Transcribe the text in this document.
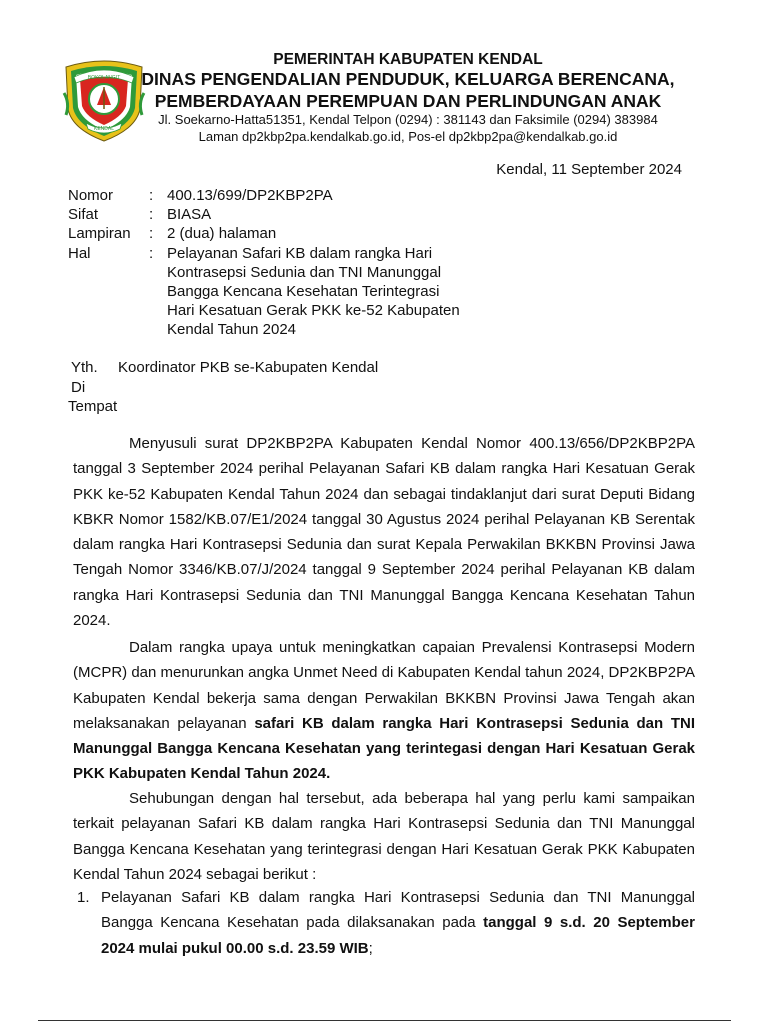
BOKOLANGIT
KENDAL
PEMERINTAH KABUPATEN KENDAL
DINAS PENGENDALIAN PENDUDUK, KELUARGA BERENCANA,
PEMBERDAYAAN PEREMPUAN DAN PERLINDUNGAN ANAK
Jl. Soekarno-Hatta51351, Kendal Telpon (0294) : 381143 dan Faksimile (0294) 383984
Laman dp2kbp2pa.kendalkab.go.id, Pos-el dp2kbp2pa@kendalkab.go.id
Kendal, 11 September 2024
Nomor	: 400.13/699/DP2KBP2PA
Sifat	: BIASA
Lampiran	: 2 (dua) halaman
Hal	: Pelayanan Safari KB dalam rangka Hari
Kontrasepsi Sedunia dan TNI Manunggal
Bangga Kencana Kesehatan Terintegrasi
Hari Kesatuan Gerak PKK ke-52 Kabupaten
Kendal Tahun 2024
Yth.	Koordinator PKB se-Kabupaten Kendal
Di
Tempat

Menyusuli surat DP2KBP2PA Kabupaten Kendal Nomor 400.13/656/DP2KBP2PA tanggal 3 September 2024 perihal Pelayanan Safari KB dalam rangka Hari Kesatuan Gerak PKK ke-52 Kabupaten Kendal Tahun 2024 dan sebagai tindaklanjut dari surat Deputi Bidang KBKR Nomor 1582/KB.07/E1/2024 tanggal 30 Agustus 2024 perihal Pelayanan KB Serentak dalam rangka Hari Kontrasepsi Sedunia dan surat Kepala Perwakilan BKKBN Provinsi Jawa Tengah Nomor 3346/KB.07/J/2024 tanggal 9 September 2024 perihal Pelayanan KB dalam rangka Hari Kontrasepsi Sedunia dan TNI Manunggal Bangga Kencana Kesehatan Tahun 2024.

Dalam rangka upaya untuk meningkatkan capaian Prevalensi Kontrasepsi Modern (MCPR) dan menurunkan angka Unmet Need di Kabupaten Kendal tahun 2024, DP2KBP2PA Kabupaten Kendal bekerja sama dengan Perwakilan BKKBN Provinsi Jawa Tengah akan melaksanakan pelayanan safari KB dalam rangka Hari Kontrasepsi Sedunia dan TNI Manunggal Bangga Kencana Kesehatan yang terintegasi dengan Hari Kesatuan Gerak PKK Kabupaten Kendal Tahun 2024.

Sehubungan dengan hal tersebut, ada beberapa hal yang perlu kami sampaikan terkait pelayanan Safari KB dalam rangka Hari Kontrasepsi Sedunia dan TNI Manunggal Bangga Kencana Kesehatan yang terintegrasi dengan Hari Kesatuan Gerak PKK Kabupaten Kendal Tahun 2024 sebagai berikut :

1. Pelayanan Safari KB dalam rangka Hari Kontrasepsi Sedunia dan TNI Manunggal Bangga Kencana Kesehatan pada dilaksanakan pada tanggal 9 s.d. 20 September 2024 mulai pukul 00.00 s.d. 23.59 WIB;
